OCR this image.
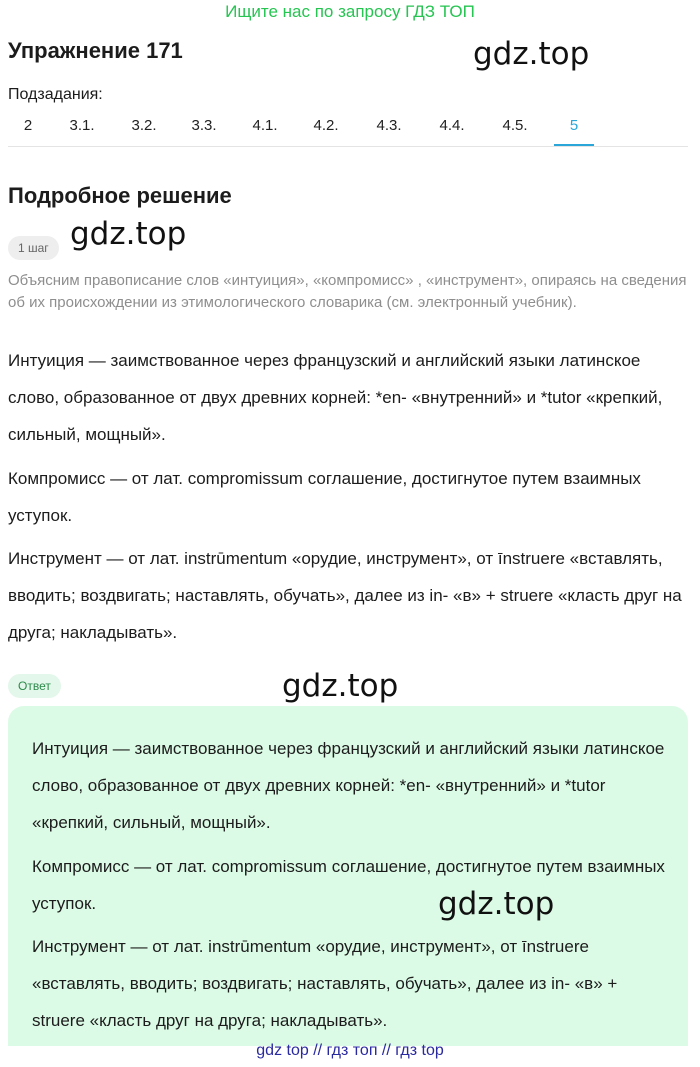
Ищите нас по запросу ГДЗ ТОП
Упражнение 171	gdz.top
Подзадания:
2	3.1.	3.2.	3.3.	4.1.	4.2.	4.3.	4.4.	4.5.	5
Подробное решение
1 шаг gdz.top

Объясним правописание слов «интуиция», «компромисс» , «инструмент», опираясь на сведения об их происхождении из этимологического словарика (см. электронный учебник).

Интуиция — заимствованное через французский и английский языки латинское слово, образованное от двух древних корней: *en- «внутренний» и *tutor «крепкий, сильный, мощный».

Компромисс — от лат. compromissum соглашение, достигнутое путем взаимных уступок.

Инструмент — от лат. instrūmentum «орудие, инструмент», от īnstruere «вставлять, вводить; воздвигать; наставлять, обучать», далее из in- «в» + struere «класть друг на друга; накладывать».

Ответ	gdz.top

Интуиция — заимствованное через французский и английский языки латинское слово, образованное от двух древних корней: *en- «внутренний» и *tutor «крепкий, сильный, мощный».

Компромисс — от лат. compromissum соглашение, достигнутое путем взаимных уступок.

Инструмент — от лат. instrūmentum «орудие, инструмент», от īnstruere «вставлять, вводить; воздвигать; наставлять, обучать», далее из in- «в» + struere «класть друг на друга; накладывать».

gdz.top
gdz top // гдз топ // гдз top
